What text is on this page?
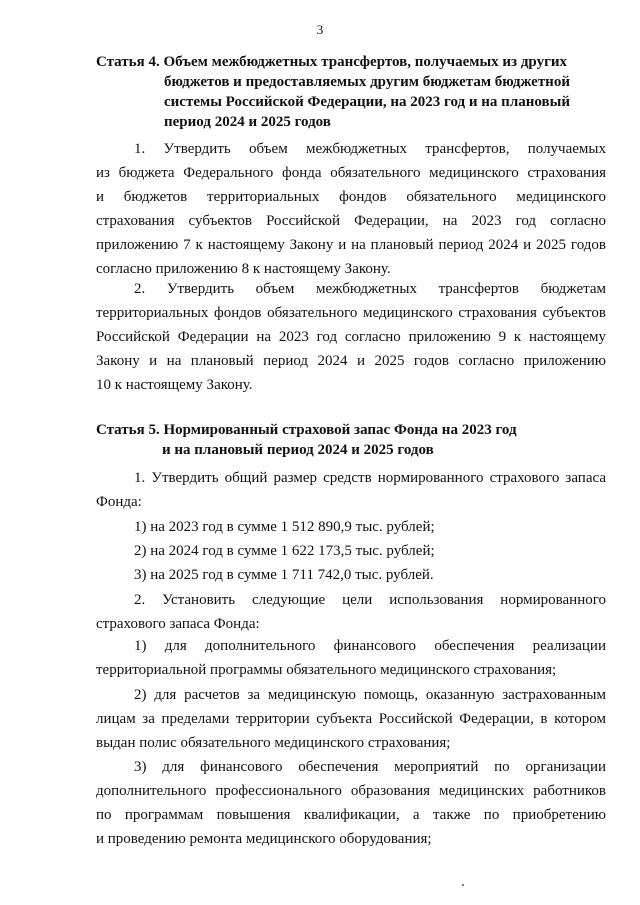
3
Статья 4. Объем межбюджетных трансфертов, получаемых из других
бюджетов и предоставляемых другим бюджетам бюджетной
системы Российской Федерации, на 2023 год и на плановый
период 2024 и 2025 годов
1. Утвердить объем межбюджетных трансфертов, получаемых
из бюджета Федерального фонда обязательного медицинского страхования
и бюджетов территориальных фондов обязательного медицинского
страхования субъектов Российской Федерации, на 2023 год согласно
приложению 7 к настоящему Закону и на плановый период 2024 и 2025 годов
согласно приложению 8 к настоящему Закону.
2. Утвердить объем межбюджетных трансфертов бюджетам
территориальных фондов обязательного медицинского страхования субъектов
Российской Федерации на 2023 год согласно приложению 9 к настоящему
Закону и на плановый период 2024 и 2025 годов согласно приложению
10 к настоящему Закону.
Статья 5. Нормированный страховой запас Фонда на 2023 год
и на плановый период 2024 и 2025 годов
1. Утвердить общий размер средств нормированного страхового запаса
Фонда:
1) на 2023 год в сумме 1 512 890,9 тыс. рублей;
2) на 2024 год в сумме 1 622 173,5 тыс. рублей;
3) на 2025 год в сумме 1 711 742,0 тыс. рублей.
2. Установить следующие цели использования нормированного
страхового запаса Фонда:
1) для дополнительного финансового обеспечения реализации
территориальной программы обязательного медицинского страхования;
2) для расчетов за медицинскую помощь, оказанную застрахованным
лицам за пределами территории субъекта Российской Федерации, в котором
выдан полис обязательного медицинского страхования;
3) для финансового обеспечения мероприятий по организации
дополнительного профессионального образования медицинских работников
по программам повышения квалификации, а также по приобретению
и проведению ремонта медицинского оборудования;
